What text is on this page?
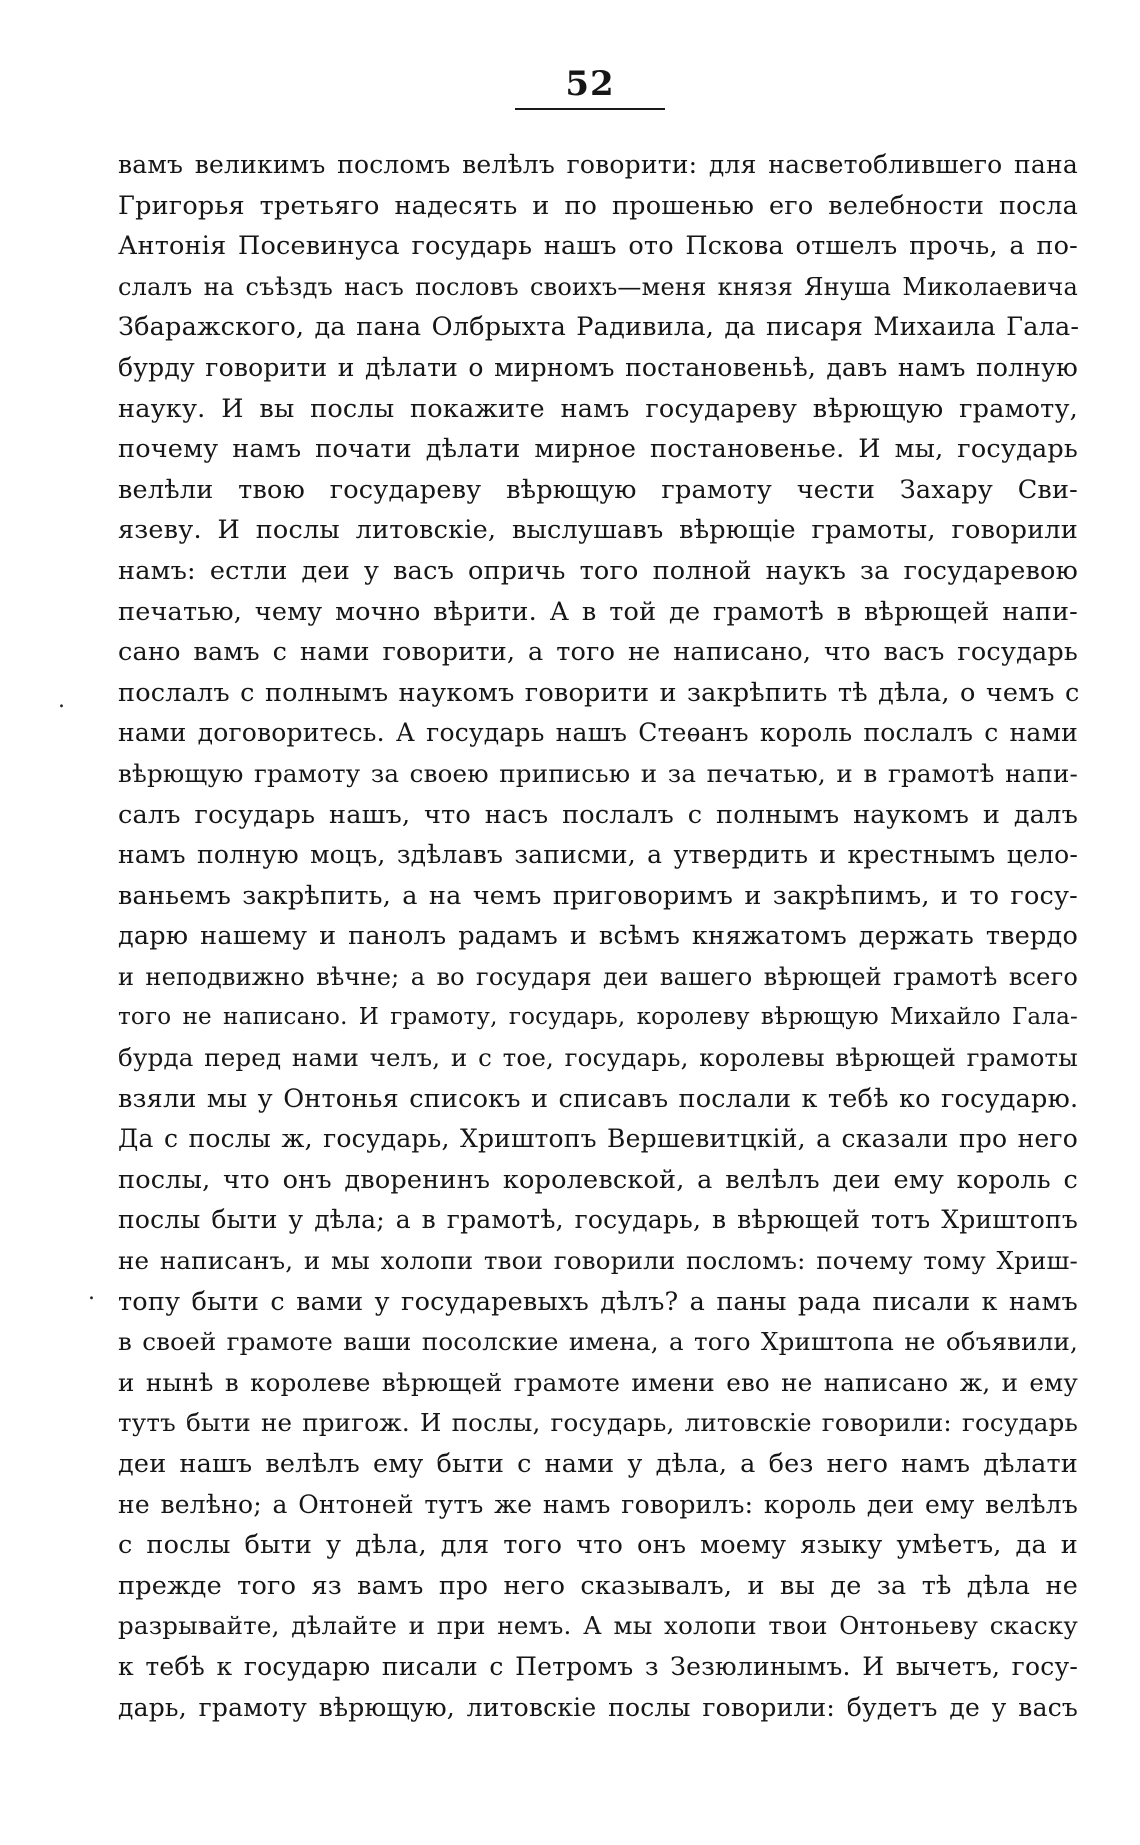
52
.
.
вамъ великимъ посломъ велѣлъ говорити: для насветоблившего пана
Григорья третьяго надесять и по прошенью его велебности посла
Антонія Посевинуса государь нашъ ото Пскова отшелъ прочь, а по-
слалъ на съѣздъ насъ пословъ своихъ—меня князя Януша Миколаевича
Збаражского, да пана Олбрыхта Радивила, да писаря Михаила Гала-
бурду говорити и дѣлати о мирномъ постановеньѣ, давъ намъ полную
науку. И вы послы покажите намъ государеву вѣрющую грамоту,
почему намъ почати дѣлати мирное постановенье. И мы, государь
велѣли твою государеву вѣрющую грамоту чести Захару Сви-
язеву. И послы литовскіе, выслушавъ вѣрющіе грамоты, говорили
намъ: естли деи у васъ опричь того полной наукъ за государевою
печатью, чему мочно вѣрити. А в той де грамотѣ в вѣрющей напи-
сано вамъ с нами говорити, а того не написано, что васъ государь
послалъ с полнымъ наукомъ говорити и закрѣпить тѣ дѣла, о чемъ с
нами договоритесь. А государь нашъ Стеѳанъ король послалъ с нами
вѣрющую грамоту за своею приписью и за печатью, и в грамотѣ напи-
салъ государь нашъ, что насъ послалъ с полнымъ наукомъ и далъ
намъ полную моцъ, здѣлавъ записми, а утвердить и крестнымъ цело-
ваньемъ закрѣпить, а на чемъ приговоримъ и закрѣпимъ, и то госу-
дарю нашему и панолъ радамъ и всѣмъ княжатомъ держать твердо
и неподвижно вѣчне; а во государя деи вашего вѣрющей грамотѣ всего
того не написано. И грамоту, государь, королеву вѣрющую Михайло Гала-
бурда перед нами челъ, и с тое, государь, королевы вѣрющей грамоты
взяли мы у Онтонья списокъ и списавъ послали к тебѣ ко государю.
Да с послы ж, государь, Хриштопъ Вершевитцкій, а сказали про него
послы, что онъ дворенинъ королевской, а велѣлъ деи ему король с
послы быти у дѣла; а в грамотѣ, государь, в вѣрющей тотъ Хриштопъ
не написанъ, и мы холопи твои говорили посломъ: почему тому Хриш-
топу быти с вами у государевыхъ дѣлъ? а паны рада писали к намъ
в своей грамоте ваши посолские имена, а того Хриштопа не объявили,
и нынѣ в королеве вѣрющей грамоте имени ево не написано ж, и ему
тутъ быти не пригож. И послы, государь, литовскіе говорили: государь
деи нашъ велѣлъ ему быти с нами у дѣла, а без него намъ дѣлати
не велѣно; а Онтоней тутъ же намъ говорилъ: король деи ему велѣлъ
с послы быти у дѣла, для того что онъ моему языку умѣетъ, да и
прежде того яз вамъ про него сказывалъ, и вы де за тѣ дѣла не
разрывайте, дѣлайте и при немъ. А мы холопи твои Онтоньеву скаску
к тебѣ к государю писали с Петромъ з Зезюлинымъ. И вычетъ, госу-
дарь, грамоту вѣрющую, литовскіе послы говорили: будетъ де у васъ
